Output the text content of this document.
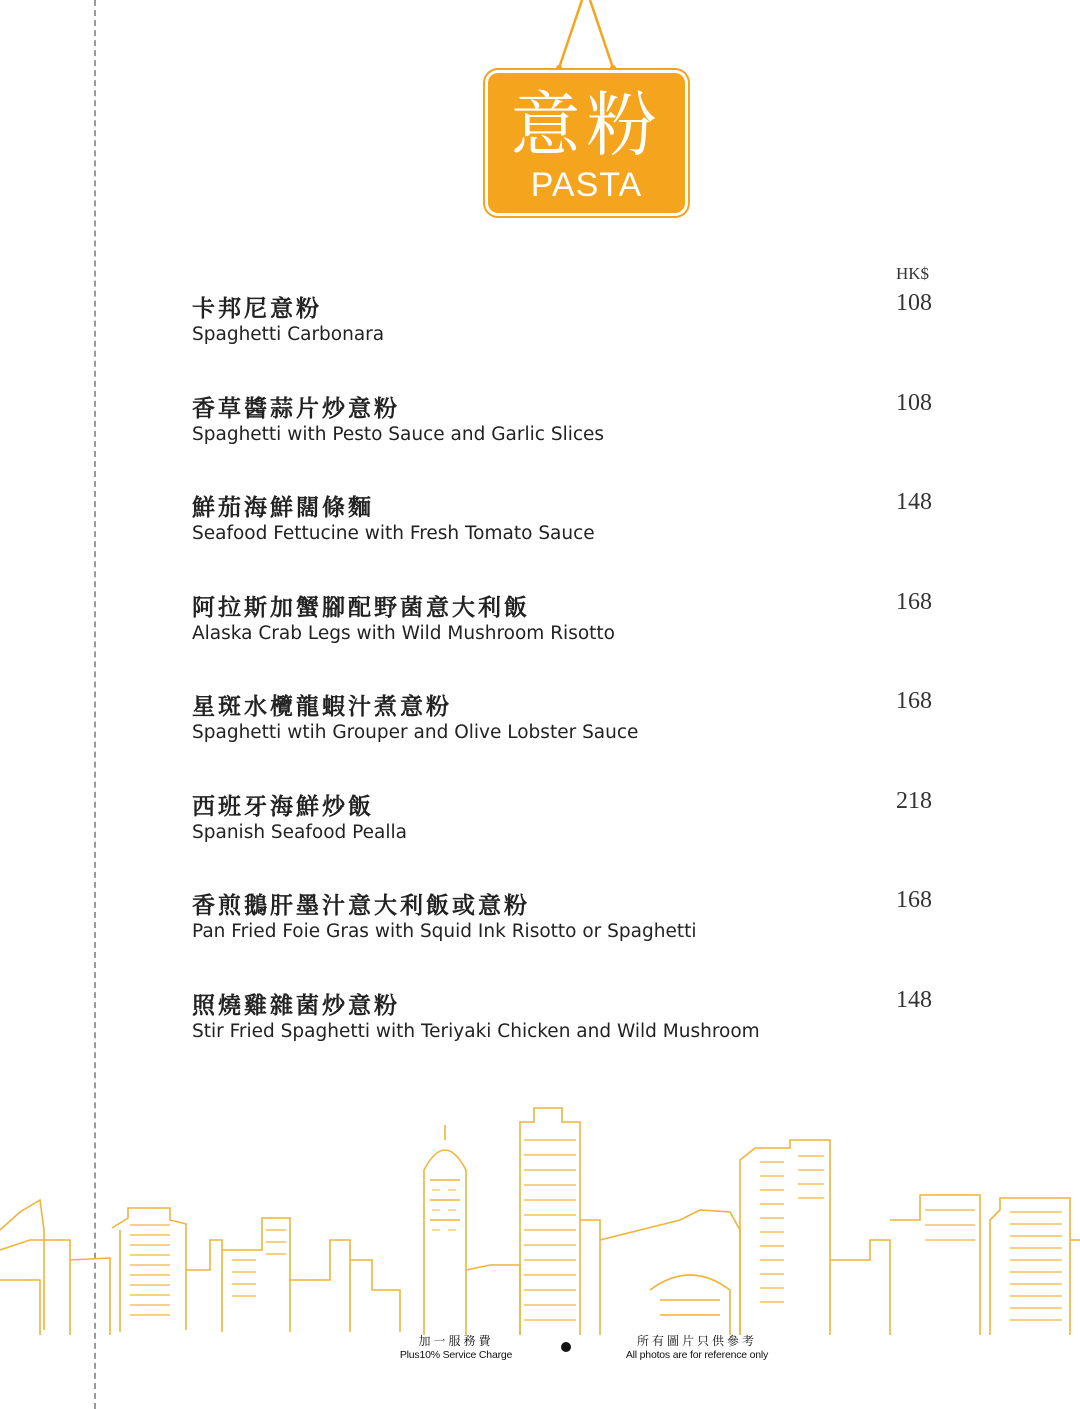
意粉
PASTA
HK$
卡邦尼意粉
Spaghetti Carbonara
108
香草醬蒜片炒意粉
Spaghetti with Pesto Sauce and Garlic Slices
108
鮮茄海鮮闊條麵
Seafood Fettucine with Fresh Tomato Sauce
148
阿拉斯加蟹腳配野菌意大利飯
Alaska Crab Legs with Wild Mushroom Risotto
168
星斑水欖龍蝦汁煮意粉
Spaghetti wtih Grouper and Olive Lobster Sauce
168
西班牙海鮮炒飯
Spanish Seafood Pealla
218
香煎鵝肝墨汁意大利飯或意粉
Pan Fried Foie Gras with Squid Ink Risotto or Spaghetti
168
照燒雞雜菌炒意粉
Stir Fried Spaghetti with Teriyaki Chicken and Wild Mushroom
148
加一服務費
Plus10% Service Charge
所有圖片只供參考
All photos are for reference only
